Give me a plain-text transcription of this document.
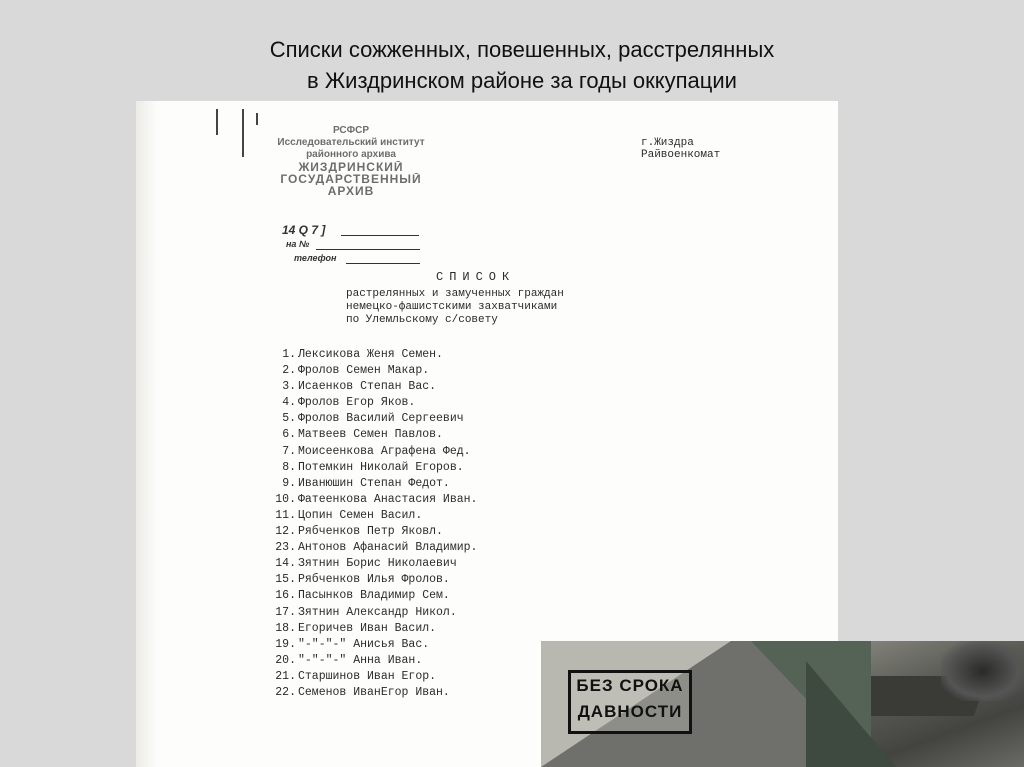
Списки сожженных, повешенных, расстрелянных
в Жиздринском районе за годы оккупации
РСФСР
Исследовательский институт
районного архива
ЖИЗДРИНСКИЙ
ГОСУДАРСТВЕННЫЙ
АРХИВ
14 Q 7 ]
на №
телефон
г.Жиздра
Райвоенкомат
СПИСОК
растрелянных и замученных граждан
немецко-фашистскими захватчиками
по Улемльскому с/совету
1. Лексикова Женя Семен.
2. Фролов Семен Макар.
3. Исаенков Степан Вас.
4. Фролов Егор Яков.
5. Фролов Василий Сергеевич
6. Матвеев Семен Павлов.
7. Моисеенкова Аграфена Фед.
8. Потемкин Николай Егоров.
9. Иванюшин Степан Федот.
10. Фатеенкова Анастасия Иван.
11. Цопин Семен Васил.
12. Рябченков Петр Яковл.
23. Антонов Афанасий Владимир.
14. Зятнин Борис Николаевич
15. Рябченков Илья Фролов.
16. Пасынков Владимир Сем.
17. Зятнин Александр Никол.
18. Егоричев Иван Васил.
19. "-"-"-" Анисья Вас.
20. "-"-"-" Анна Иван.
21. Старшинов Иван Егор.
22. Семенов ИванЕгор Иван.	БЕЗ СРОКА
ДАВНОСТИ
